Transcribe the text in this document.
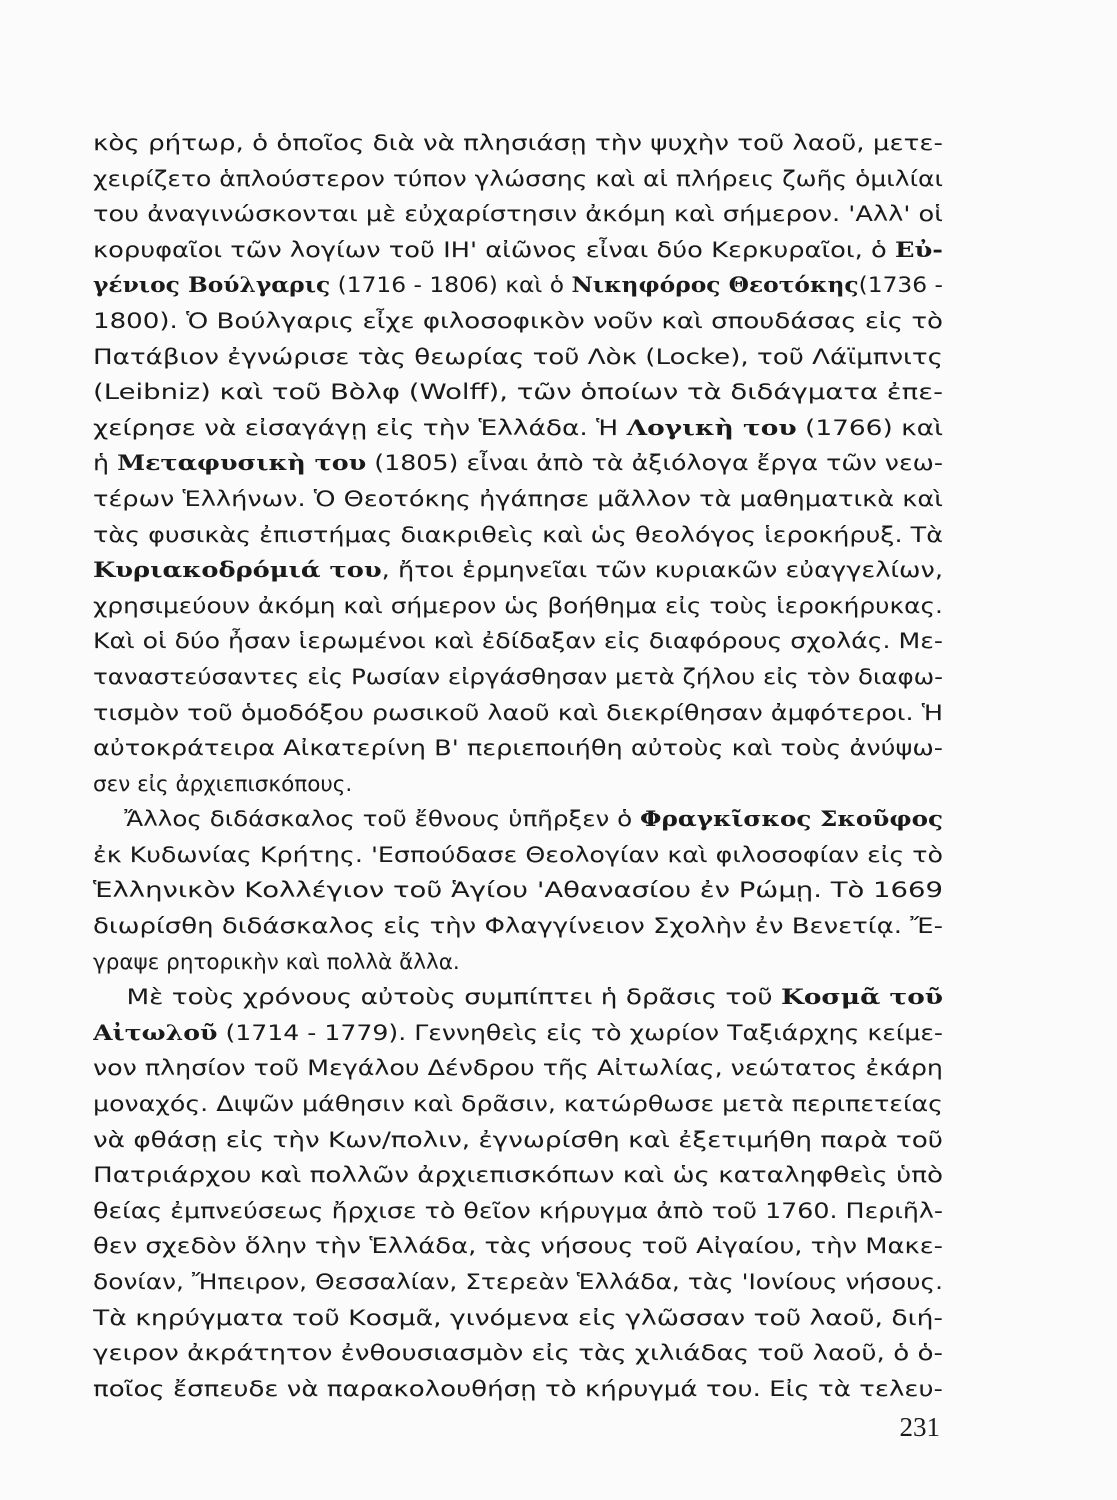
κὸς ρήτωρ, ὁ ὁποῖος διὰ νὰ πλησιάσῃ τὴν ψυχὴν τοῦ λαοῦ, μετε-
χειρίζετο ἁπλούστερον τύπον γλώσσης καὶ αἱ πλήρεις ζωῆς ὁμιλίαι
του ἀναγινώσκονται μὲ εὐχαρίστησιν ἀκόμη καὶ σήμερον. 'Αλλ' οἱ
κορυφαῖοι τῶν λογίων τοῦ ΙΗ' αἰῶνος εἶναι δύο Κερκυραῖοι, ὁ Εὐ-
γένιος Βούλγαρις (1716 - 1806) καὶ ὁ Νικηφόρος Θεοτόκης(1736 -
1800). Ὁ Βούλγαρις εἶχε φιλοσοφικὸν νοῦν καὶ σπουδάσας εἰς τὸ
Πατάβιον ἐγνώρισε τὰς θεωρίας τοῦ Λὸκ (Locke), τοῦ Λάϊμπνιτς
(Leibniz) καὶ τοῦ Βὸλφ (Wolff), τῶν ὁποίων τὰ διδάγματα ἐπε-
χείρησε νὰ εἰσαγάγῃ εἰς τὴν Ἑλλάδα. Ἡ Λογικὴ του (1766) καὶ
ἡ Μεταφυσικὴ του (1805) εἶναι ἀπὸ τὰ ἀξιόλογα ἔργα τῶν νεω-
τέρων Ἑλλήνων. Ὁ Θεοτόκης ἠγάπησε μᾶλλον τὰ μαθηματικὰ καὶ
τὰς φυσικὰς ἐπιστήμας διακριθεὶς καὶ ὡς θεολόγος ἱεροκήρυξ. Τὰ
Κυριακοδρόμιά του, ἤτοι ἑρμηνεῖαι τῶν κυριακῶν εὐαγγελίων,
χρησιμεύουν ἀκόμη καὶ σήμερον ὡς βοήθημα εἰς τοὺς ἱεροκήρυκας.
Καὶ οἱ δύο ἦσαν ἱερωμένοι καὶ ἐδίδαξαν εἰς διαφόρους σχολάς. Με-
ταναστεύσαντες εἰς Ρωσίαν εἰργάσθησαν μετὰ ζήλου εἰς τὸν διαφω-
τισμὸν τοῦ ὁμοδόξου ρωσικοῦ λαοῦ καὶ διεκρίθησαν ἀμφότεροι. Ἡ
αὐτοκράτειρα Αἰκατερίνη Β' περιεποιήθη αὐτοὺς καὶ τοὺς ἀνύψω-
σεν εἰς ἀρχιεπισκόπους.
Ἄλλος διδάσκαλος τοῦ ἔθνους ὑπῆρξεν ὁ Φραγκῖσκος Σκοῦφος
ἐκ Κυδωνίας Κρήτης. 'Εσπούδασε Θεολογίαν καὶ φιλοσοφίαν εἰς τὸ
Ἑλληνικὸν Κολλέγιον τοῦ Ἁγίου 'Αθανασίου ἐν Ρώμῃ. Τὸ 1669
διωρίσθη διδάσκαλος εἰς τὴν Φλαγγίνειον Σχολὴν ἐν Βενετίᾳ. Ἔ-
γραψε ρητορικὴν καὶ πολλὰ ἄλλα.
Μὲ τοὺς χρόνους αὐτοὺς συμπίπτει ἡ δρᾶσις τοῦ Κοσμᾶ τοῦ
Αἰτωλοῦ (1714 - 1779). Γεννηθεὶς εἰς τὸ χωρίον Ταξιάρχης κείμε-
νον πλησίον τοῦ Μεγάλου Δένδρου τῆς Αἰτωλίας, νεώτατος ἐκάρη
μοναχός. Διψῶν μάθησιν καὶ δρᾶσιν, κατώρθωσε μετὰ περιπετείας
νὰ φθάσῃ εἰς τὴν Κων/πολιν, ἐγνωρίσθη καὶ ἐξετιμήθη παρὰ τοῦ
Πατριάρχου καὶ πολλῶν ἀρχιεπισκόπων καὶ ὡς καταληφθεὶς ὑπὸ
θείας ἐμπνεύσεως ἤρχισε τὸ θεῖον κήρυγμα ἀπὸ τοῦ 1760. Περιῆλ-
θεν σχεδὸν ὅλην τὴν Ἑλλάδα, τὰς νήσους τοῦ Αἰγαίου, τὴν Μακε-
δονίαν, Ἤπειρον, Θεσσαλίαν, Στερεὰν Ἑλλάδα, τὰς 'Ιονίους νήσους.
Τὰ κηρύγματα τοῦ Κοσμᾶ, γινόμενα εἰς γλῶσσαν τοῦ λαοῦ, διή-
γειρον ἀκράτητον ἐνθουσιασμὸν εἰς τὰς χιλιάδας τοῦ λαοῦ, ὁ ὁ-
ποῖος ἔσπευδε νὰ παρακολουθήσῃ τὸ κήρυγμά του. Εἰς τὰ τελευ-
231
